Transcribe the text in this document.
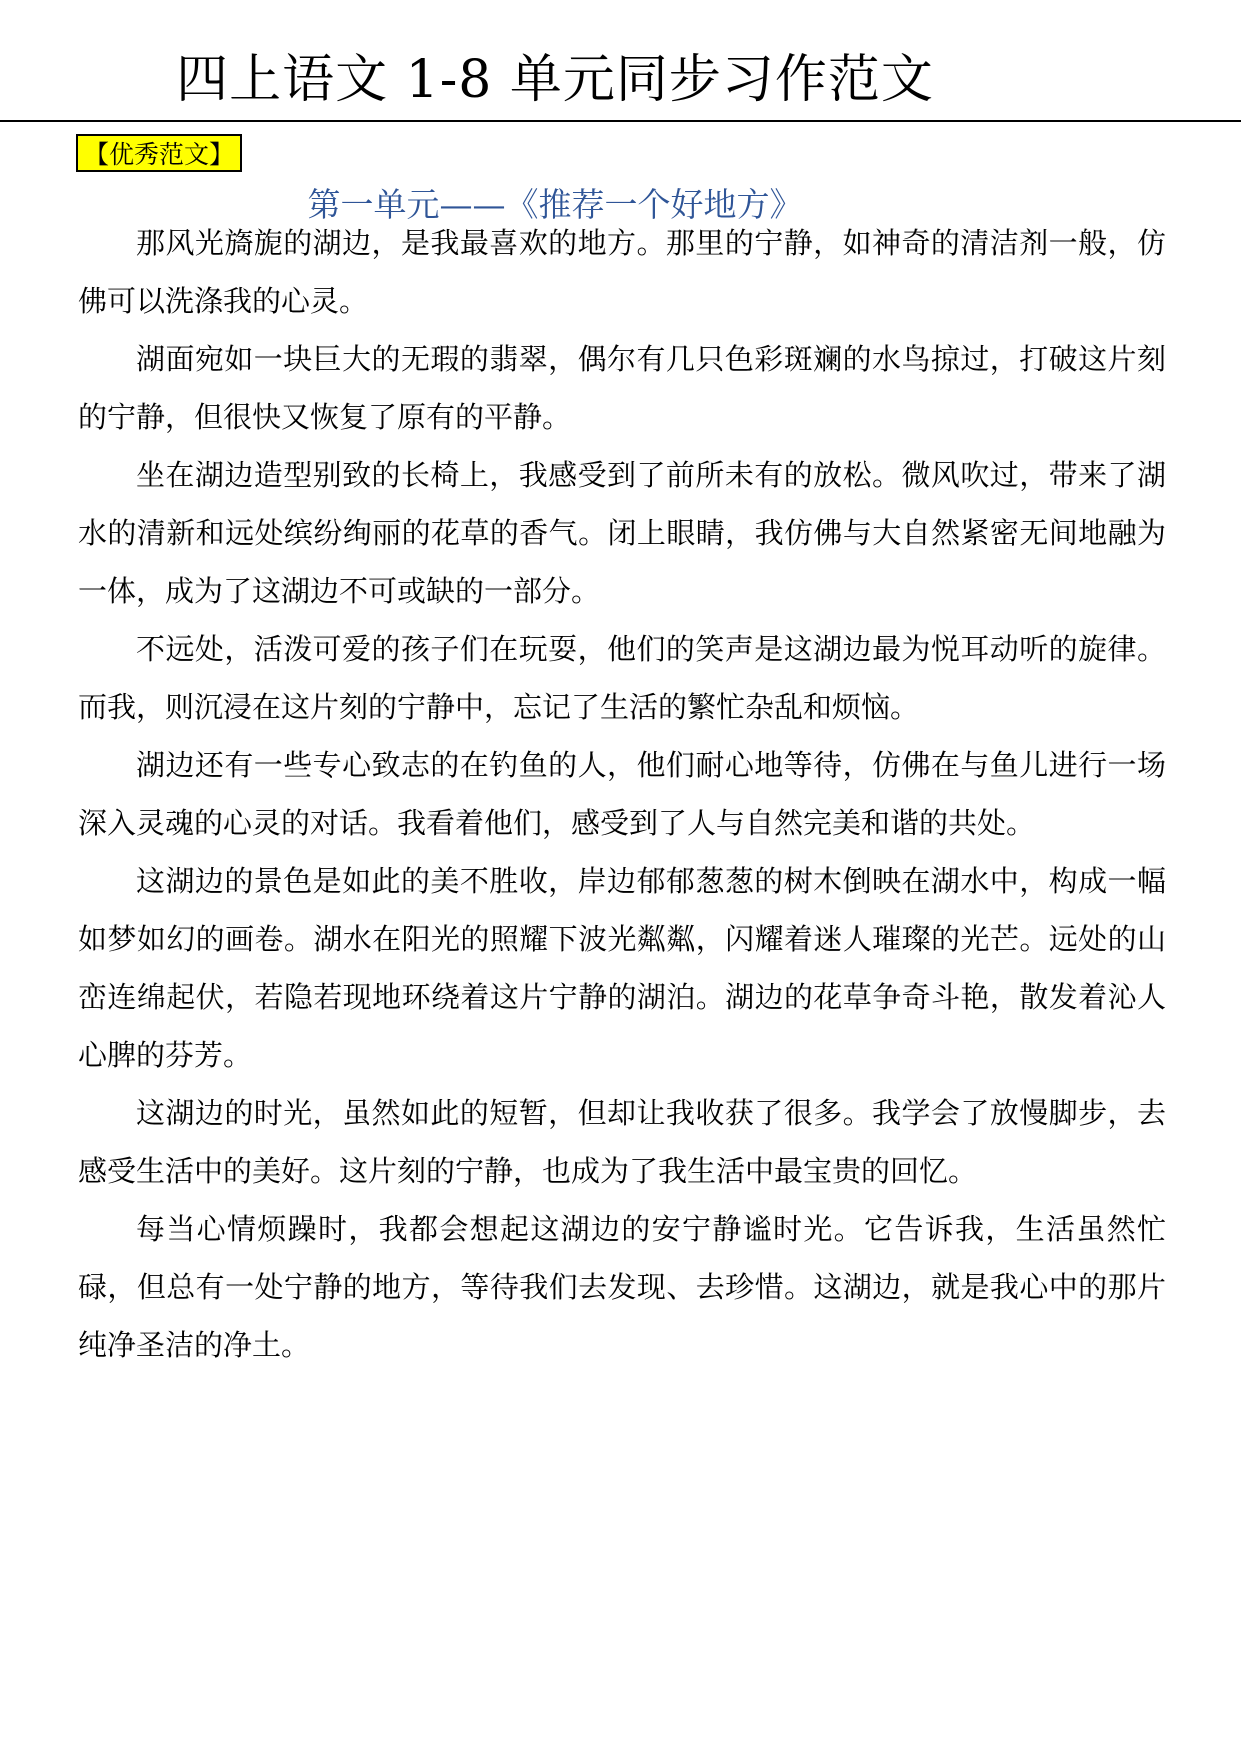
四上语文 1-8 单元同步习作范文
【优秀范文】
第一单元——《推荐一个好地方》

那风光旖旎的湖边，是我最喜欢的地方。那里的宁静，如神奇的清洁剂一般，仿佛可以洗涤我的心灵。

湖面宛如一块巨大的无瑕的翡翠，偶尔有几只色彩斑斓的水鸟掠过，打破这片刻的宁静，但很快又恢复了原有的平静。

坐在湖边造型别致的长椅上，我感受到了前所未有的放松。微风吹过，带来了湖水的清新和远处缤纷绚丽的花草的香气。闭上眼睛，我仿佛与大自然紧密无间地融为一体，成为了这湖边不可或缺的一部分。

不远处，活泼可爱的孩子们在玩耍，他们的笑声是这湖边最为悦耳动听的旋律。而我，则沉浸在这片刻的宁静中，忘记了生活的繁忙杂乱和烦恼。

湖边还有一些专心致志的在钓鱼的人，他们耐心地等待，仿佛在与鱼儿进行一场深入灵魂的心灵的对话。我看着他们，感受到了人与自然完美和谐的共处。

这湖边的景色是如此的美不胜收，岸边郁郁葱葱的树木倒映在湖水中，构成一幅如梦如幻的画卷。湖水在阳光的照耀下波光粼粼，闪耀着迷人璀璨的光芒。远处的山峦连绵起伏，若隐若现地环绕着这片宁静的湖泊。湖边的花草争奇斗艳，散发着沁人心脾的芬芳。

这湖边的时光，虽然如此的短暂，但却让我收获了很多。我学会了放慢脚步，去感受生活中的美好。这片刻的宁静，也成为了我生活中最宝贵的回忆。

每当心情烦躁时，我都会想起这湖边的安宁静谧时光。它告诉我，生活虽然忙碌，但总有一处宁静的地方，等待我们去发现、去珍惜。这湖边，就是我心中的那片纯净圣洁的净土。
